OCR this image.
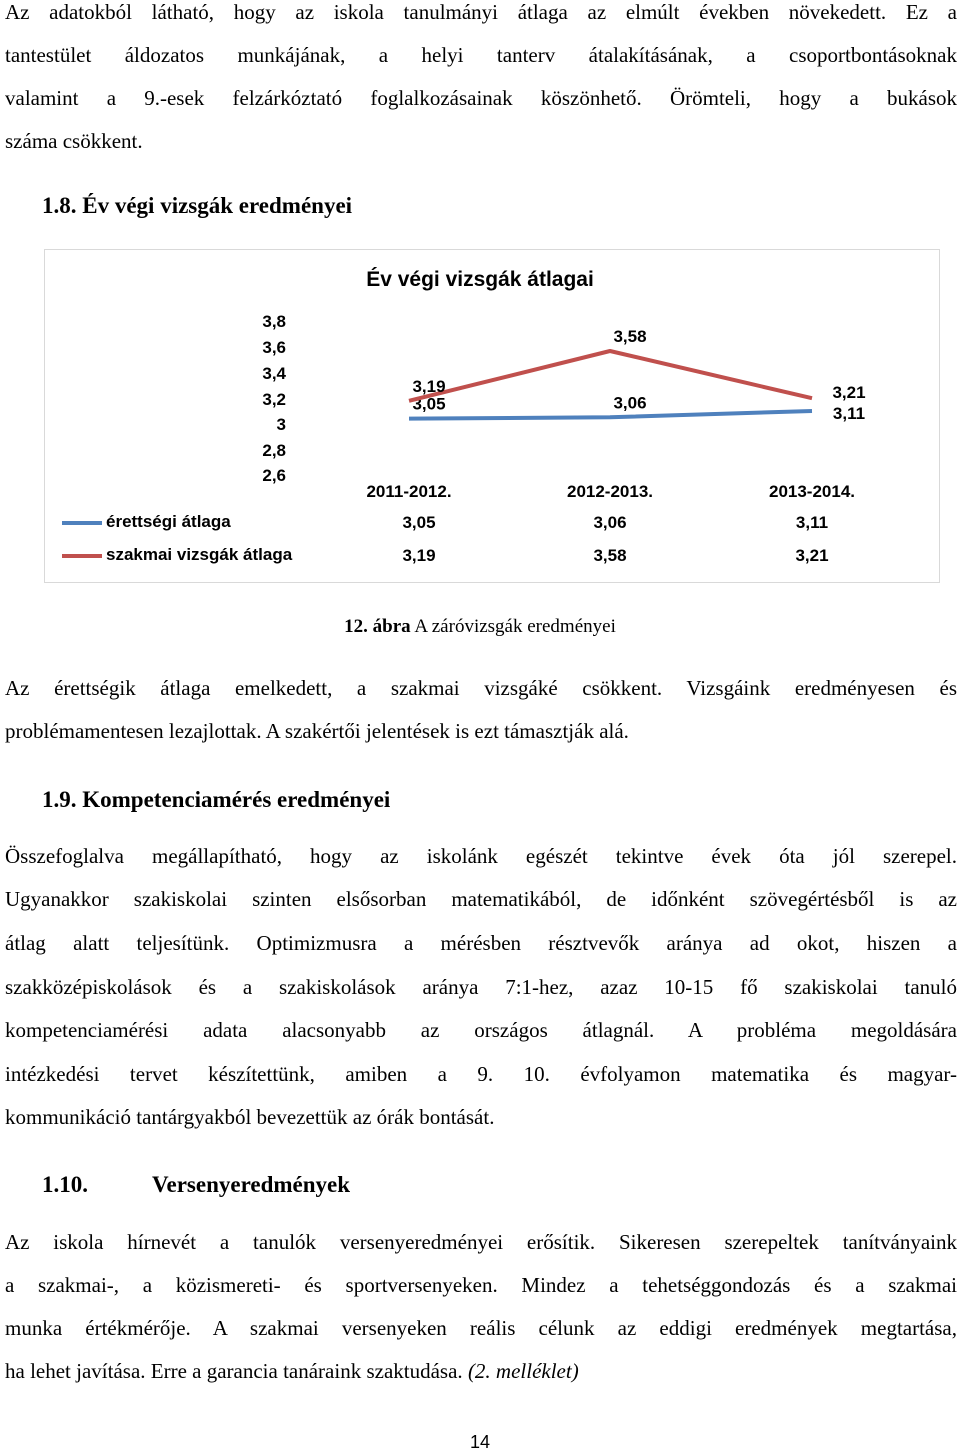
Az adatokból látható, hogy az iskola tanulmányi átlaga az elmúlt években növekedett. Ez a
tantestület áldozatos munkájának, a helyi tanterv átalakításának, a csoportbontásoknak
valamint a 9.-esek felzárkóztató foglalkozásainak köszönhető. Örömteli, hogy a bukások
száma csökkent.
1.8. Év végi vizsgák eredményei
Év végi vizsgák átlagai
3,8
3,6
3,4
3,2
3
2,8
2,6
3,05	3,06
3,11
3,19
3,58
3,21
2011-2012.	2012-2013.	2013-2014.
érettségi átlaga	3,05	3,06	3,11
szakmai vizsgák átlaga	3,19	3,58	3,21
12. ábra A záróvizsgák eredményei
Az érettségik átlaga emelkedett, a szakmai vizsgáké csökkent. Vizsgáink eredményesen és
problémamentesen lezajlottak. A szakértői jelentések is ezt támasztják alá.
1.9. Kompetenciamérés eredményei
Összefoglalva megállapítható, hogy az iskolánk egészét tekintve évek óta jól szerepel.
Ugyanakkor szakiskolai szinten elsősorban matematikából, de időnként szövegértésből is az
átlag alatt teljesítünk. Optimizmusra a mérésben résztvevők aránya ad okot, hiszen a
szakközépiskolások és a szakiskolások aránya 7:1-hez, azaz 10-15 fő szakiskolai tanuló
kompetenciamérési adata alacsonyabb az országos átlagnál. A probléma megoldására
intézkedési tervet készítettünk, amiben a 9. 10. évfolyamon matematika és magyar-
kommunikáció tantárgyakból bevezettük az órák bontását.
1.10.	Versenyeredmények
Az iskola hírnevét a tanulók versenyeredményei erősítik. Sikeresen szerepeltek tanítványaink
a szakmai-, a közismereti- és sportversenyeken. Mindez a tehetséggondozás és a szakmai
munka értékmérője. A szakmai versenyeken reális célunk az eddigi eredmények megtartása,
ha lehet javítása. Erre a garancia tanáraink szaktudása. (2. melléklet)
14
